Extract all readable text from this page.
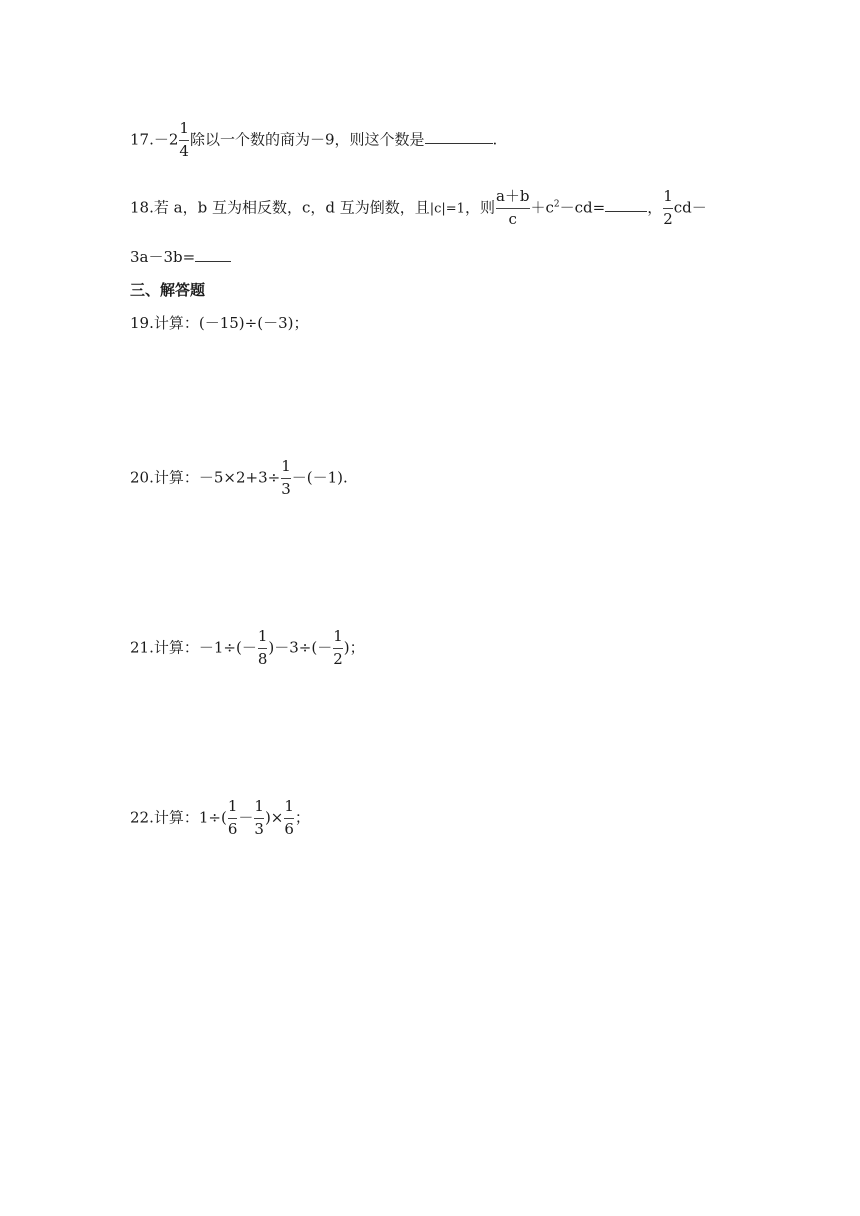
$17.-2 \frac{1}{4}$ 除以一个数的商为－9，则这个数是	.
18.若 a，b 互为相反数，c，d 互为倒数，且|c|=1，则 $\frac{a+b}{c} +c^2-cd=$	， $\frac{1}{2} cd-$
3a－3b=
三、解答题
19.计算：(－15)÷(－3)；
20.计算：$-5\times 2+3\div \frac{1}{3} -(-1)$.
21.计算：$-1\div(- \frac{1}{8} )-3\div(- \frac{1}{2}$ )；
22.计算：$1\div( \frac{1}{6} - \frac{1}{3}$ )× $\frac{1}{6}$ ；
